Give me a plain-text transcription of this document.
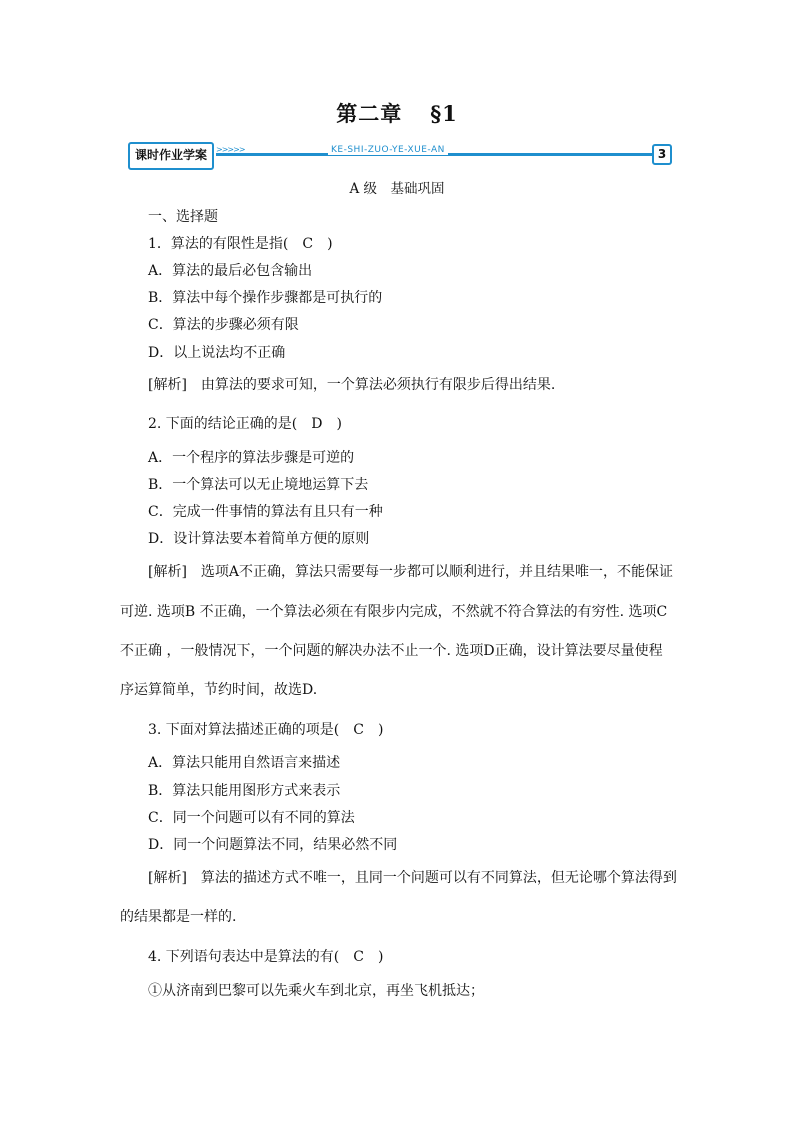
第二章 §1
课时作业学案	>>>>>	KE-SHI-ZUO-YE-XUE-AN	3
A 级　基础巩固
一、选择题
1．算法的有限性是指(　C　)
A．算法的最后必包含输出
B．算法中每个操作步骤都是可执行的
C．算法的步骤必须有限
D．以上说法均不正确
[解析]　由算法的要求可知，一个算法必须执行有限步后得出结果.
2. 下面的结论正确的是(　D　)
A．一个程序的算法步骤是可逆的
B．一个算法可以无止境地运算下去
C．完成一件事情的算法有且只有一种
D．设计算法要本着简单方便的原则
[解析]　选项A不正确，算法只需要每一步都可以顺利进行，并且结果唯一，不能保证
可逆. 选项B 不正确，一个算法必须在有限步内完成，不然就不符合算法的有穷性. 选项C
不正确 ，一般情况下，一个问题的解决办法不止一个. 选项D正确，设计算法要尽量使程
序运算简单，节约时间，故选D.
3. 下面对算法描述正确的项是(　C　)
A．算法只能用自然语言来描述
B．算法只能用图形方式来表示
C．同一个问题可以有不同的算法
D．同一个问题算法不同，结果必然不同
[解析]　算法的描述方式不唯一，且同一个问题可以有不同算法，但无论哪个算法得到
的结果都是一样的.
4. 下列语句表达中是算法的有(　C　)
①从济南到巴黎可以先乘火车到北京，再坐飞机抵达；
